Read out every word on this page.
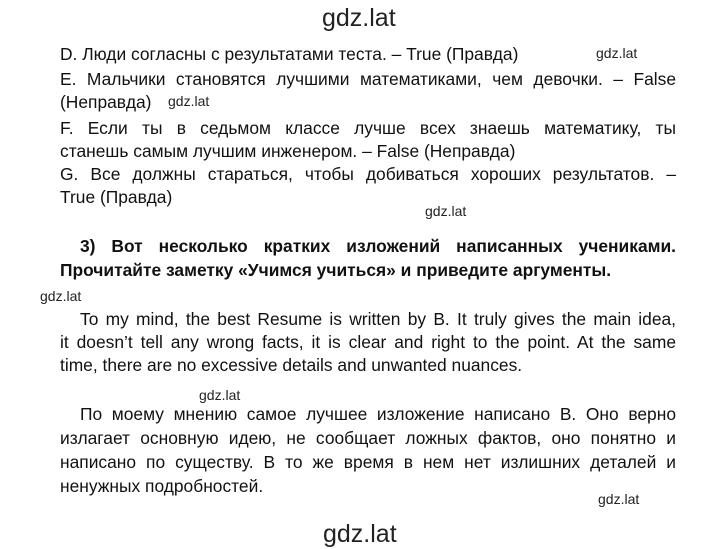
gdz.lat
gdz.lat
gdz.lat
gdz.lat
gdz.lat
gdz.lat
gdz.lat
gdz.lat
D. Люди согласны с результатами теста. – True (Правда)
E. Мальчики становятся лучшими математиками, чем девочки. – False
(Неправда)
F. Если ты в седьмом классе лучше всех знаешь математику, ты
станешь самым лучшим инженером. – False (Неправда)
G. Все должны стараться, чтобы добиваться хороших результатов. –
True (Правда)
3) Вот несколько кратких изложений написанных учениками.
Прочитайте заметку «Учимся учиться» и приведите аргументы.
To my mind, the best Resume is written by B. It truly gives the main idea,
it doesn’t tell any wrong facts, it is clear and right to the point. At the same
time, there are no excessive details and unwanted nuances.
По моему мнению самое лучшее изложение написано В. Оно верно
излагает основную идею, не сообщает ложных фактов, оно понятно и
написано по существу. В то же время в нем нет излишних деталей и
ненужных подробностей.
